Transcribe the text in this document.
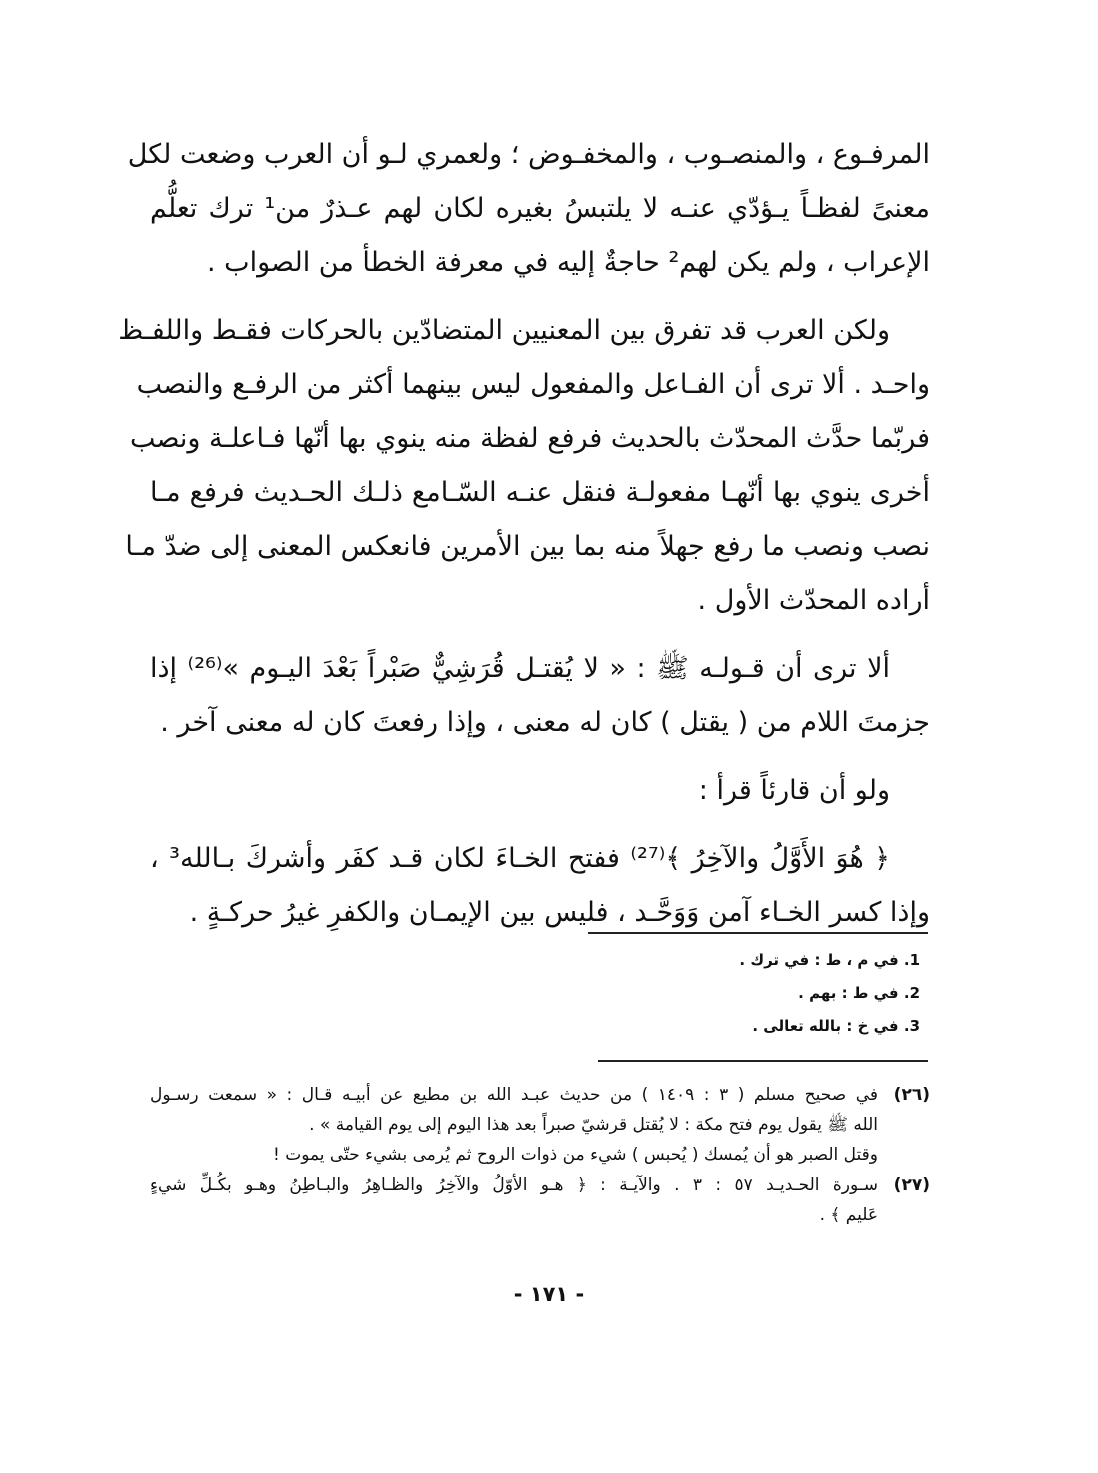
المرفـوع ، والمنصـوب ، والمخفـوض ؛ ولعمري لـو أن العرب وضعت لكل
معنىً لفظـاً يـؤدّي عنـه لا يلتبسُ بغيره لكان لهم عـذرٌ من¹ ترك تعلُّم
الإعراب ، ولم يكن لهم² حاجةٌ إليه في معرفة الخطأ من الصواب .
ولكن العرب قد تفرق بين المعنيين المتضادّين بالحركات فقـط واللفـظ
واحـد . ألا ترى أن الفـاعل والمفعول ليس بينهما أكثر من الرفـع والنصب
فربّما حدَّث المحدّث بالحديث فرفع لفظة منه ينوي بها أنّها فـاعلـة ونصب
أخرى ينوي بها أنّهـا مفعولـة فنقل عنـه السّـامع ذلـك الحـديث فرفع مـا
نصب ونصب ما رفع جهلاً منه بما بين الأمرين فانعكس المعنى إلى ضدّ مـا
أراده المحدّث الأول .
ألا ترى أن قـولـه ﷺ : « لا يُقتـل قُرَشِيٌّ صَبْراً بَعْدَ اليـوم »⁽²⁶⁾ إذا
جزمتَ اللام من ( يقتل ) كان له معنى ، وإذا رفعتَ كان له معنى آخر .
ولو أن قارئاً قرأ :
﴿ هُوَ الأَوَّلُ والآخِرُ ﴾⁽²⁷⁾ ففتح الخـاءَ لكان قـد كفَر وأشركَ بـالله³ ،
وإذا كسر الخـاء آمن وَوَحَّـد ، فليس بين الإيمـان والكفرِ غيرُ حركـةٍ .
1. في م ، ط : في ترك .
2. في ط : بهم .
3. في خ : بالله تعالى .
(٢٦)
في صحيح مسلم ( ٣ : ١٤٠٩ ) من حديث عبـد الله بن مطيع عن أبيـه قـال : « سمعت رسـول
الله ﷺ يقول يوم فتح مكة : لا يُقتل قرشيّ صبراً بعد هذا اليوم إلى يوم القيامة » .
وقتل الصبر هو أن يُمسك ( يُحبس ) شيء من ذوات الروح ثم يُرمى بشيء حتّى يموت !
(٢٧)
سـورة الحـديـد ٥٧ : ٣ . والآيـة : ﴿ هـو الأوّلُ والآخِرُ والظـاهِرُ والبـاطِنُ وهـو بكُـلِّ شيءٍ
عَليم ﴾ .
- ١٧١ -
